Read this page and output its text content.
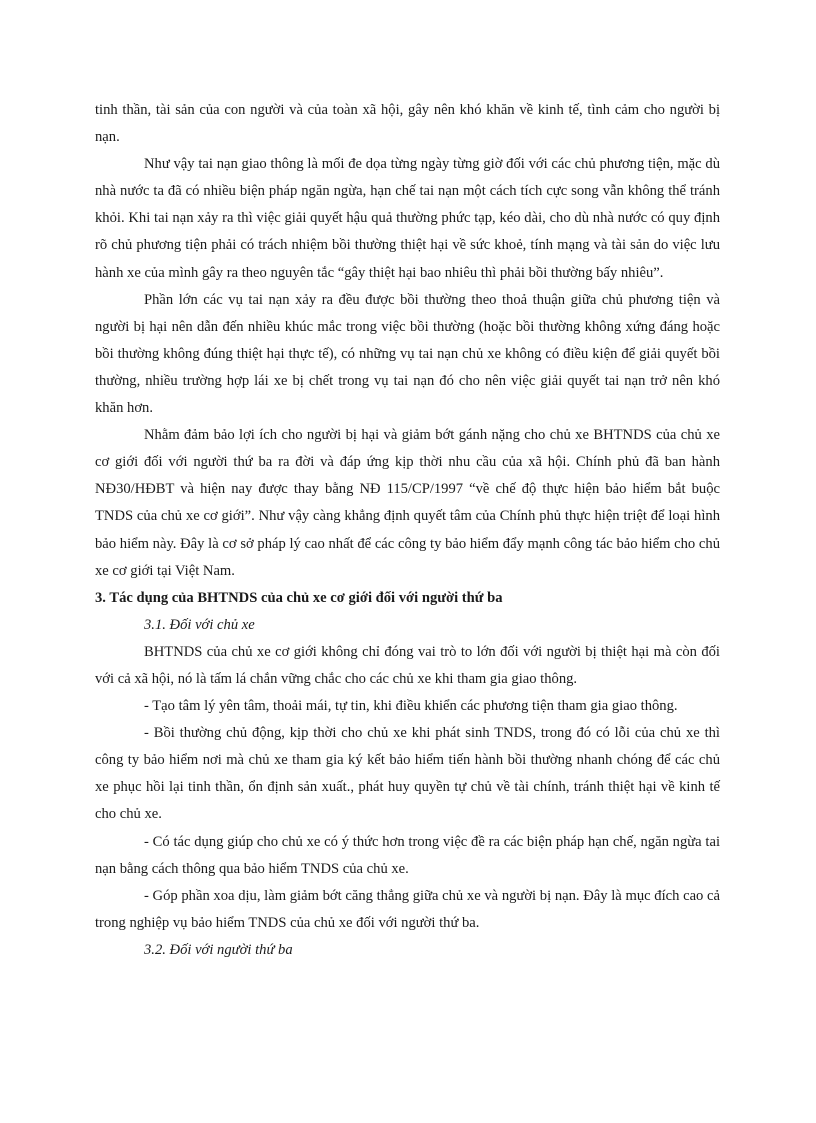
tinh thần, tài sản của con người và của toàn xã hội, gây nên khó khăn về kinh tế, tình cảm cho người bị nạn.

Như vậy tai nạn giao thông là mối đe dọa từng ngày từng giờ đối với các chủ phương tiện, mặc dù nhà nước ta đã có nhiều biện pháp ngăn ngừa, hạn chế tai nạn một cách tích cực song vẫn không thể tránh khỏi. Khi tai nạn xảy ra thì việc giải quyết hậu quả thường phức tạp, kéo dài, cho dù nhà nước có quy định rõ chủ phương tiện phải có trách nhiệm bồi thường thiệt hại về sức khoẻ, tính mạng và tài sản do việc lưu hành xe của mình gây ra theo nguyên tắc “gây thiệt hại bao nhiêu thì phải bồi thường bấy nhiêu”.

Phần lớn các vụ tai nạn xảy ra đều được bồi thường theo thoả thuận giữa chủ phương tiện và người bị hại nên dẫn đến nhiều khúc mắc trong việc bồi thường (hoặc bồi thường không xứng đáng hoặc bồi thường không đúng thiệt hại thực tế), có những vụ tai nạn chủ xe không có điều kiện để giải quyết bồi thường, nhiều trường hợp lái xe bị chết trong vụ tai nạn đó cho nên việc giải quyết tai nạn trở nên khó khăn hơn.

Nhằm đảm bảo lợi ích cho người bị hại và giảm bớt gánh nặng cho chủ xe BHTNDS của chủ xe cơ giới đối với người thứ ba ra đời và đáp ứng kịp thời nhu cầu của xã hội. Chính phủ đã ban hành NĐ30/HĐBT và hiện nay được thay bằng NĐ 115/CP/1997 “về chế độ thực hiện bảo hiểm bắt buộc TNDS của chủ xe cơ giới”. Như vậy càng khẳng định quyết tâm của Chính phủ thực hiện triệt để loại hình bảo hiểm này. Đây là cơ sở pháp lý cao nhất để các công ty bảo hiểm đẩy mạnh công tác bảo hiểm cho chủ xe cơ giới tại Việt Nam.

3. Tác dụng của BHTNDS của chủ xe cơ giới đối với người thứ ba

3.1. Đối với chủ xe

BHTNDS của chủ xe cơ giới không chỉ đóng vai trò to lớn đối với người bị thiệt hại mà còn đối với cả xã hội, nó là tấm lá chắn vững chắc cho các chủ xe khi tham gia giao thông.

- Tạo tâm lý yên tâm, thoải mái, tự tin, khi điều khiển các phương tiện tham gia giao thông.

- Bồi thường chủ động, kịp thời cho chủ xe khi phát sinh TNDS, trong đó có lỗi của chủ xe thì công ty bảo hiểm nơi mà chủ xe tham gia ký kết bảo hiểm tiến hành bồi thường nhanh chóng để các chủ xe phục hồi lại tinh thần, ổn định sản xuất., phát huy quyền tự chủ về tài chính, tránh thiệt hại về kinh tế cho chủ xe.

- Có tác dụng giúp cho chủ xe có ý thức hơn trong việc đề ra các biện pháp hạn chế, ngăn ngừa tai nạn bằng cách thông qua bảo hiểm TNDS của chủ xe.

- Góp phần xoa dịu, làm giảm bớt căng thẳng giữa chủ xe và người bị nạn. Đây là mục đích cao cả trong nghiệp vụ bảo hiểm TNDS của chủ xe đối với người thứ ba.

3.2. Đối với người thứ ba
